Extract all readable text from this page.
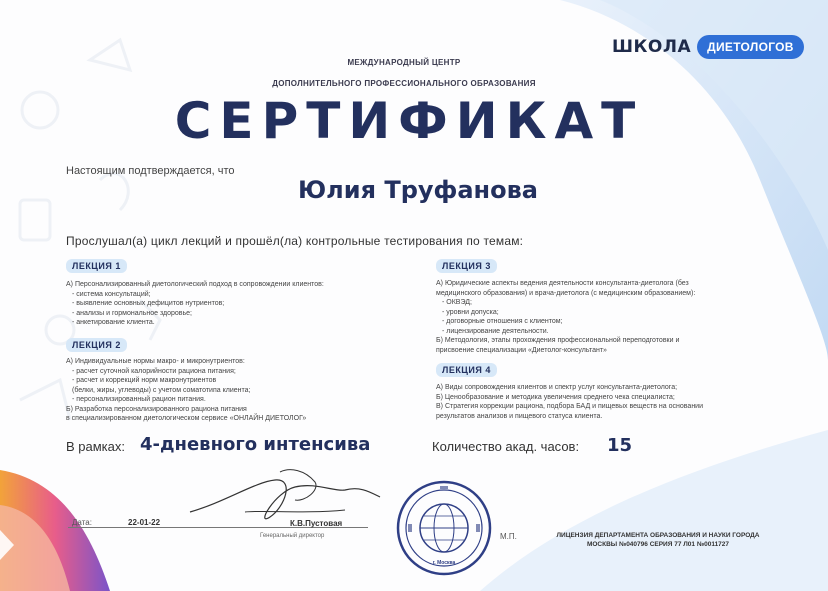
ШКОЛА	ДИЕТОЛОГОВ
МЕЖДУНАРОДНЫЙ ЦЕНТР
ДОПОЛНИТЕЛЬНОГО ПРОФЕССИОНАЛЬНОГО ОБРАЗОВАНИЯ
СЕРТИФИКАТ
Настоящим подтверждается, что
Юлия Труфанова
Прослушал(а) цикл лекций и прошёл(ла) контрольные тестирования по темам:
ЛЕКЦИЯ 1
А) Персонализированный диетологический подход в сопровождении клиентов:
- система консультаций;
- выявление основных дефицитов нутриентов;
- анализы и гормональное здоровье;
- анкетирование клиента.
ЛЕКЦИЯ 2
А) Индивидуальные нормы макро- и микронутриентов:
- расчет суточной калорийности рациона питания;
- расчет и коррекций норм макронутриентов
(белки, жиры, углеводы) с учетом соматотипа клиента;
- персонализированный рацион питания.
Б) Разработка персонализированного рациона питания
в специализированном диетологическом сервисе «ОНЛАЙН ДИЕТОЛОГ»
ЛЕКЦИЯ 3
А) Юридические аспекты ведения деятельности консультанта-диетолога (без
медицинского образования) и врача-диетолога (с медицинским образованием):
- ОКВЭД;
- уровни допуска;
- договорные отношения с клиентом;
- лицензирование деятельности.
Б) Методология, этапы прохождения профессиональной переподготовки и
присвоение специализации «Диетолог-консультант»
ЛЕКЦИЯ 4
А) Виды сопровождения клиентов и спектр услуг консультанта-диетолога;
Б) Ценообразование и методика увеличения среднего чека специалиста;
В) Стратегия коррекции рациона, подбора БАД и пищевых веществ на основании
результатов анализов и пищевого статуса клиента.
В рамках: 4-дневного интенсива	Количество акад. часов: 15
Дата:	22-01-22	К.В.Пустовая
Генеральный директор
г. Москва
М.П.	ЛИЦЕНЗИЯ ДЕПАРТАМЕНТА ОБРАЗОВАНИЯ И НАУКИ ГОРОДА
МОСКВЫ №040796 СЕРИЯ 77 Л01 №0011727
